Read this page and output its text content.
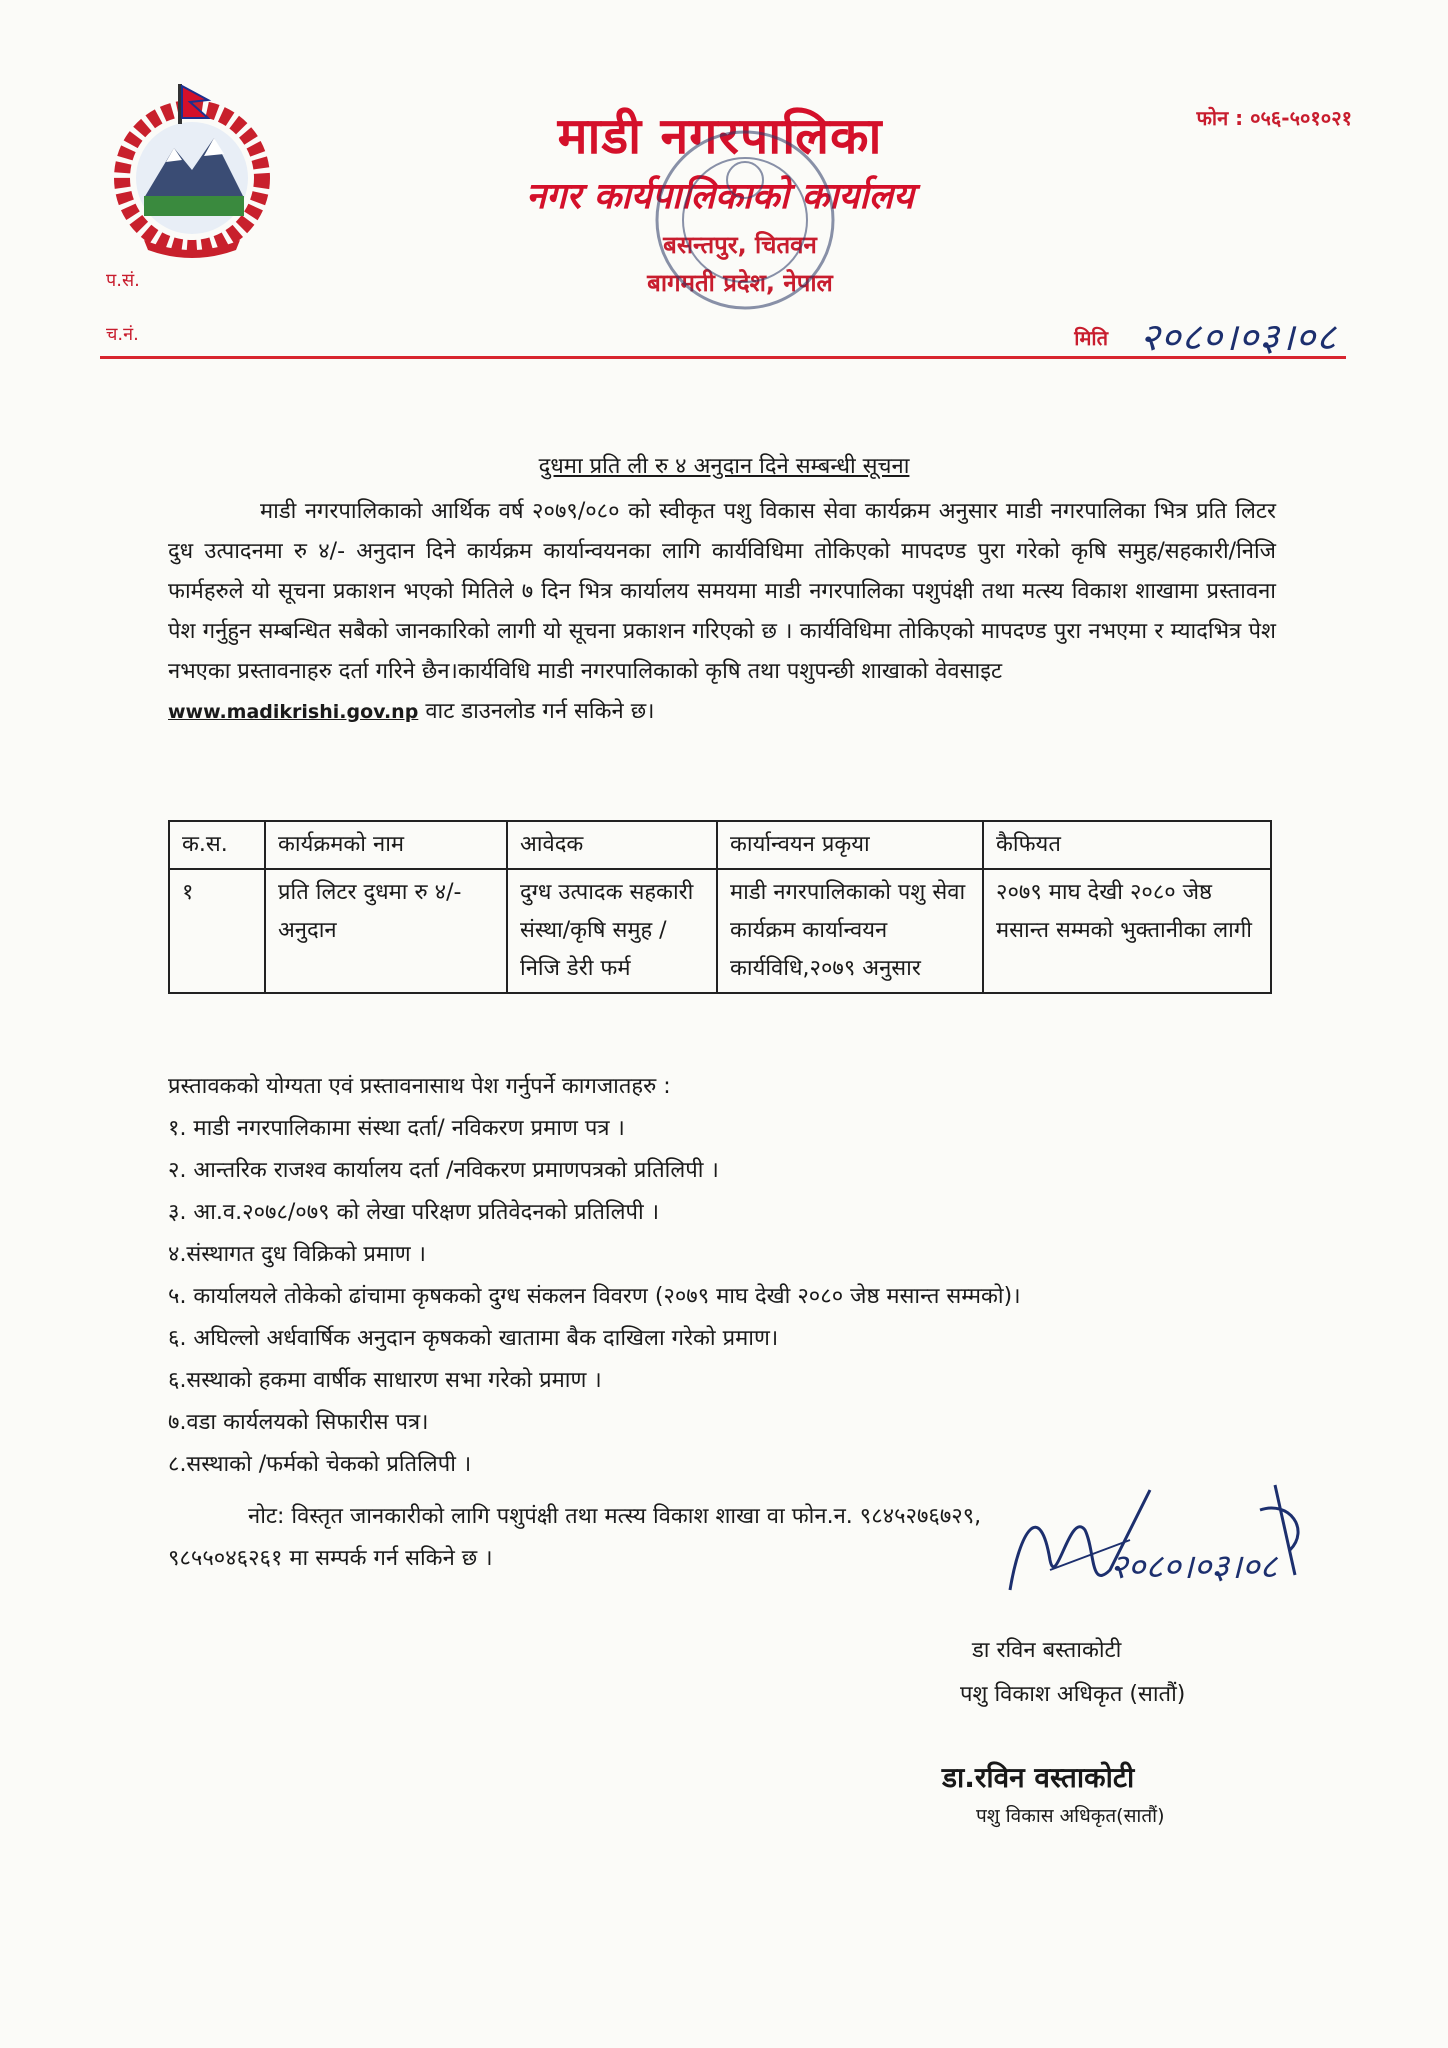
माडी नगरपालिका

नगर कार्यपालिकाको कार्यालय

बसन्तपुर, चितवन

बागमती प्रदेश, नेपाल

फोन : ०५६-५०१०२१
प.सं.
च.नं.	मिति २०८०।०३।०८

दुधमा प्रति ली रु ४ अनुदान दिने सम्बन्धी सूचना

माडी नगरपालिकाको आर्थिक वर्ष २०७९/०८० को स्वीकृत पशु विकास सेवा कार्यक्रम अनुसार माडी नगरपालिका भित्र प्रति लिटर दुध उत्पादनमा रु ४/- अनुदान दिने कार्यक्रम कार्यान्वयनका लागि कार्यविधिमा तोकिएको मापदण्ड पुरा गरेको कृषि समुह/सहकारी/निजि फार्महरुले यो सूचना प्रकाशन भएको मितिले ७ दिन भित्र कार्यालय समयमा माडी नगरपालिका पशुपंक्षी तथा मत्स्य विकाश शाखामा प्रस्तावना पेश गर्नुहुन सम्बन्धित सबैको जानकारिको लागी यो सूचना प्रकाशन गरिएको छ । कार्यविधिमा तोकिएको मापदण्ड पुरा नभएमा र म्यादभित्र पेश नभएका प्रस्तावनाहरु दर्ता गरिने छैन।कार्यविधि माडी नगरपालिकाको कृषि तथा पशुपन्छी शाखाको वेवसाइट
www.madikrishi.gov.np वाट डाउनलोड गर्न सकिने छ।

क.स.	कार्यक्रमको नाम	आवेदक	कार्यान्वयन प्रकृया	कैफियत
१	प्रति लिटर दुधमा रु ४/- अनुदान	दुग्ध उत्पादक सहकारी संस्था/कृषि समुह / निजि डेरी फर्म	माडी नगरपालिकाको पशु सेवा कार्यक्रम कार्यान्वयन कार्यविधि,२०७९ अनुसार	२०७९ माघ देखी २०८० जेष्ठ मसान्त सम्मको भुक्तानीका लागी

प्रस्तावकको योग्यता एवं प्रस्तावनासाथ पेश गर्नुपर्ने कागजातहरु :

१. माडी नगरपालिकामा संस्था दर्ता/ नविकरण प्रमाण पत्र ।

२. आन्तरिक राजश्व कार्यालय दर्ता /नविकरण प्रमाणपत्रको प्रतिलिपी ।

३. आ.व.२०७८/०७९ को लेखा परिक्षण प्रतिवेदनको प्रतिलिपी ।

४.संस्थागत दुध विक्रिको प्रमाण ।

५. कार्यालयले तोकेको ढांचामा कृषकको दुग्ध संकलन विवरण (२०७९ माघ देखी २०८० जेष्ठ मसान्त सम्मको)।

६. अघिल्लो अर्धवार्षिक अनुदान कृषकको खातामा बैक दाखिला गरेको प्रमाण।

६.सस्थाको हकमा वार्षीक साधारण सभा गरेको प्रमाण ।

७.वडा कार्यलयको सिफारीस पत्र।

८.सस्थाको /फर्मको चेकको प्रतिलिपी ।

नोट: विस्तृत जानकारीको लागि पशुपंक्षी तथा मत्स्य विकाश शाखा वा फोन.न. ९८४५२७६७२९,
९८५५०४६२६१ मा सम्पर्क गर्न सकिने छ ।	२०८०।०३।०८

डा रविन बस्ताकोटी

पशु विकाश अधिकृत (सातौं)

डा.रविन वस्ताकोटी

पशु विकास अधिकृत(सातौं)
